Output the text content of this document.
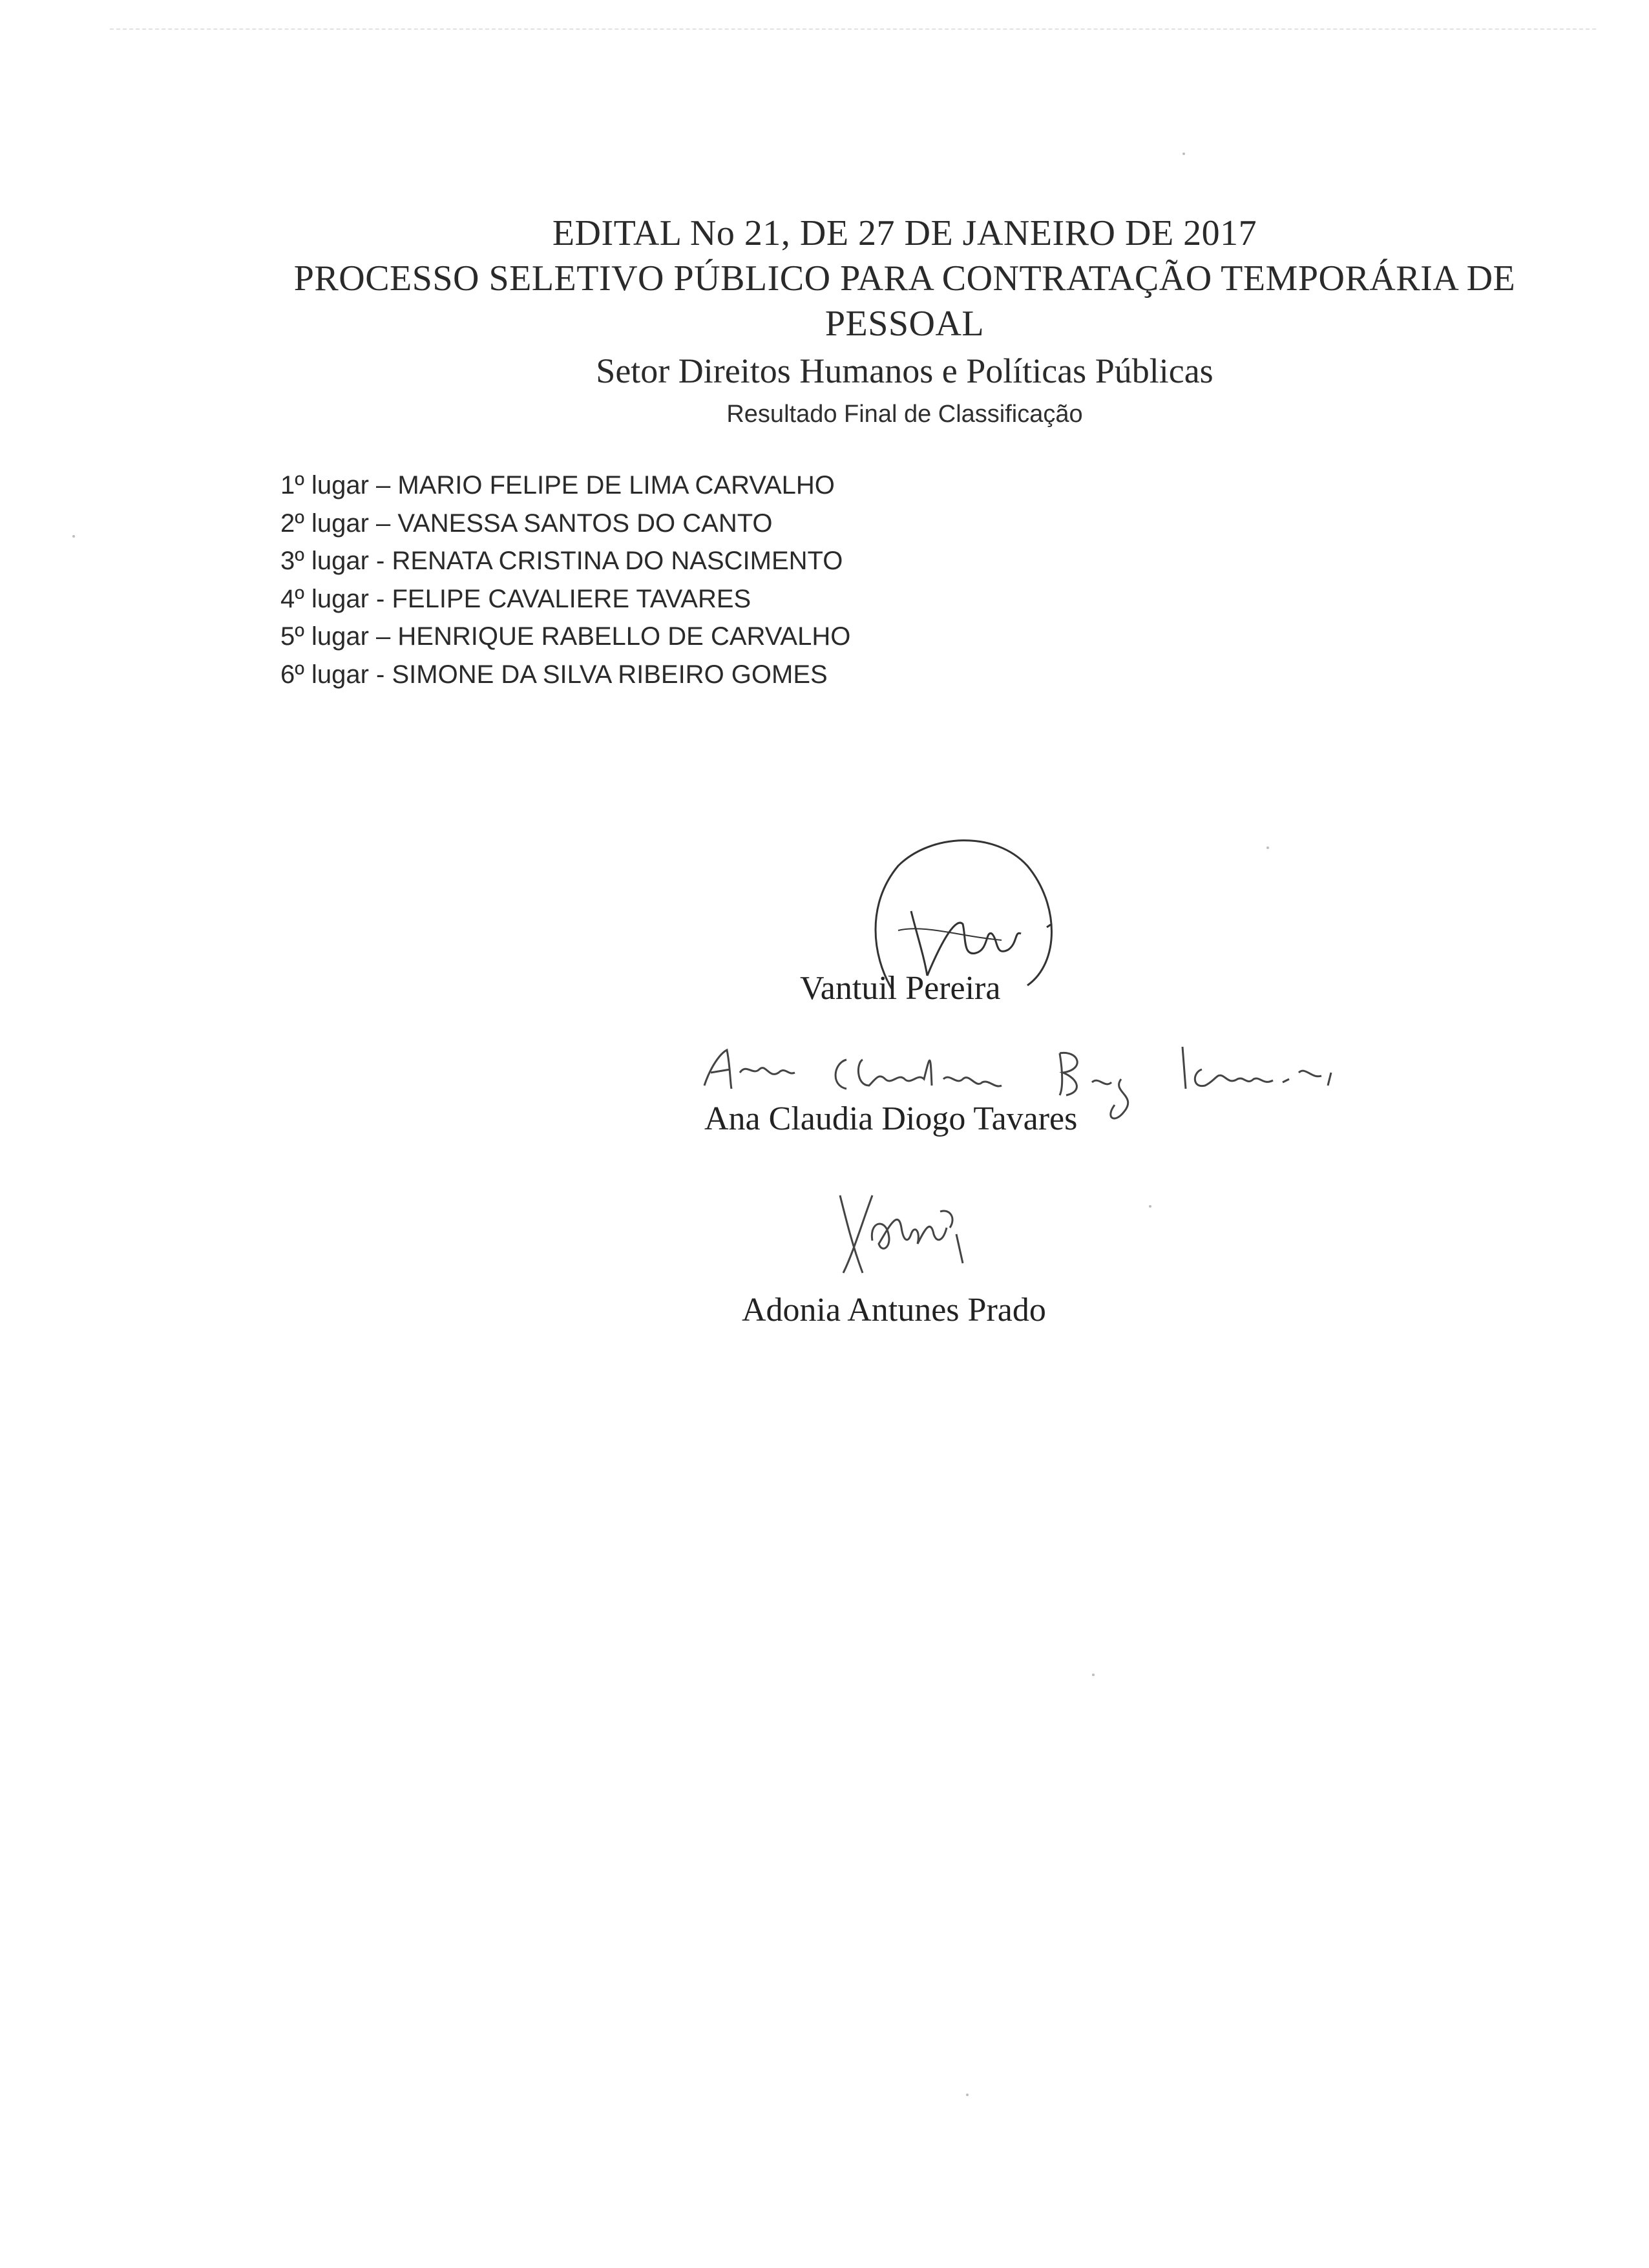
EDITAL No 21, DE 27 DE JANEIRO DE 2017
PROCESSO SELETIVO PÚBLICO PARA CONTRATAÇÃO TEMPORÁRIA DE
PESSOAL
Setor Direitos Humanos e Políticas Públicas
Resultado Final de Classificação
1º lugar – MARIO FELIPE DE LIMA CARVALHO
2º lugar – VANESSA SANTOS DO CANTO
3º lugar - RENATA CRISTINA DO NASCIMENTO
4º lugar - FELIPE CAVALIERE TAVARES
5º lugar – HENRIQUE RABELLO DE CARVALHO
6º lugar - SIMONE DA SILVA RIBEIRO GOMES
Vantuil Pereira
Ana Claudia Diogo Tavares
Adonia Antunes Prado
